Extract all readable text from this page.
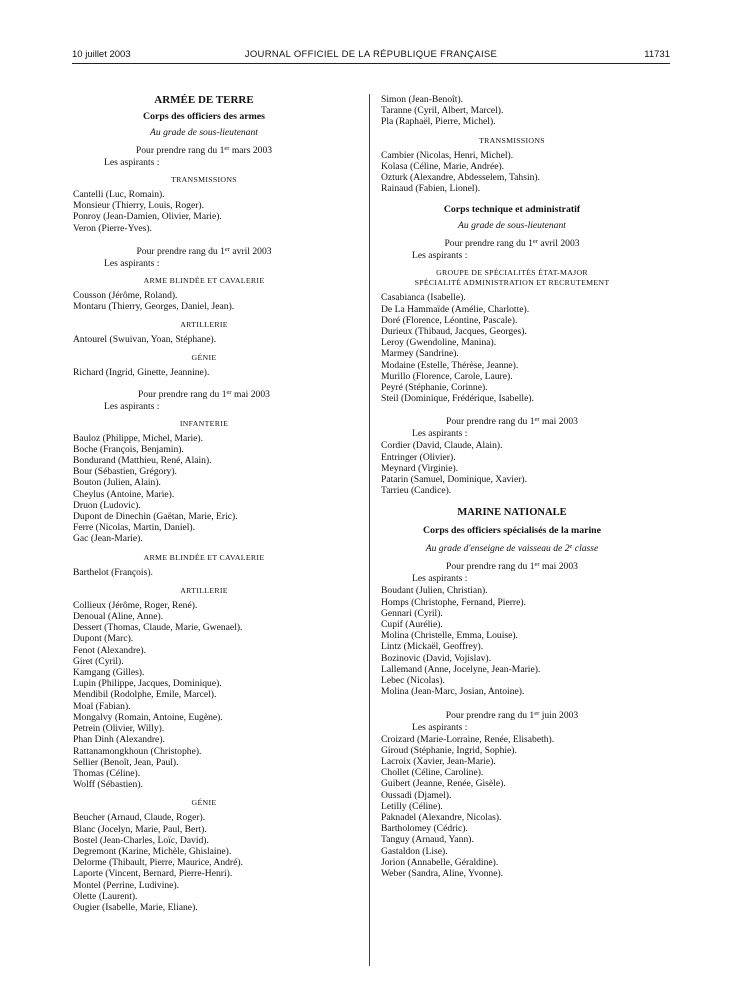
10 juillet 2003	JOURNAL OFFICIEL DE LA RÉPUBLIQUE FRANÇAISE	11731
ARMÉE DE TERRE
Corps des officiers des armes
Au grade de sous-lieutenant
Pour prendre rang du 1er mars 2003
Les aspirants :
TRANSMISSIONS
Cantelli (Luc, Romain).
Monsieur (Thierry, Louis, Roger).
Ponroy (Jean-Damien, Olivier, Marie).
Veron (Pierre-Yves).
Pour prendre rang du 1er avril 2003
Les aspirants :
ARME BLINDÉE ET CAVALERIE
Cousson (Jérôme, Roland).
Montaru (Thierry, Georges, Daniel, Jean).
ARTILLERIE
Antourel (Swuivan, Yoan, Stéphane).
GÉNIE
Richard (Ingrid, Ginette, Jeannine).
Pour prendre rang du 1er mai 2003
Les aspirants :
INFANTERIE
Bauloz (Philippe, Michel, Marie).
Boche (François, Benjamin).
Bondurand (Matthieu, René, Alain).
Bour (Sébastien, Grégory).
Bouton (Julien, Alain).
Cheylus (Antoine, Marie).
Druon (Ludovic).
Dupont de Dinechin (Gaëtan, Marie, Eric).
Ferre (Nicolas, Martin, Daniel).
Gac (Jean-Marie).
ARME BLINDÉE ET CAVALERIE
Barthelot (François).
ARTILLERIE
Collieux (Jérôme, Roger, René).
Denoual (Aline, Anne).
Dessert (Thomas, Claude, Marie, Gwenael).
Dupont (Marc).
Fenot (Alexandre).
Giret (Cyril).
Kamgang (Gilles).
Lupin (Philippe, Jacques, Dominique).
Mendibil (Rodolphe, Emile, Marcel).
Moal (Fabian).
Mongalvy (Romain, Antoine, Eugène).
Petrein (Olivier, Willy).
Phan Dinh (Alexandre).
Rattanamongkhoun (Christophe).
Sellier (Benoît, Jean, Paul).
Thomas (Céline).
Wolff (Sébastien).
GÉNIE
Beucher (Arnaud, Claude, Roger).
Blanc (Jocelyn, Marie, Paul, Bert).
Bostel (Jean-Charles, Loïc, David).
Degremont (Karine, Michèle, Ghislaine).
Delorme (Thibault, Pierre, Maurice, André).
Laporte (Vincent, Bernard, Pierre-Henri).
Montel (Perrine, Ludivine).
Olette (Laurent).
Ougier (Isabelle, Marie, Eliane).
Simon (Jean-Benoît).
Taranne (Cyril, Albert, Marcel).
Pla (Raphaël, Pierre, Michel).
TRANSMISSIONS
Cambier (Nicolas, Henri, Michel).
Kolasa (Céline, Marie, Andrée).
Ozturk (Alexandre, Abdesselem, Tahsin).
Rainaud (Fabien, Lionel).
Corps technique et administratif
Au grade de sous-lieutenant
Pour prendre rang du 1er avril 2003
Les aspirants :
GROUPE DE SPÉCIALITÉS ÉTAT-MAJOR
SPÉCIALITÉ ADMINISTRATION ET RECRUTEMENT
Casabianca (Isabelle).
De La Hammaïde (Amélie, Charlotte).
Doré (Florence, Léontine, Pascale).
Durieux (Thibaud, Jacques, Georges).
Leroy (Gwendoline, Manina).
Marmey (Sandrine).
Modaine (Estelle, Thérèse, Jeanne).
Murillo (Florence, Carole, Laure).
Peyré (Stéphanie, Corinne).
Steil (Dominique, Frédérique, Isabelle).
Pour prendre rang du 1er mai 2003
Les aspirants :
Cordier (David, Claude, Alain).
Entringer (Olivier).
Meynard (Virginie).
Patarin (Samuel, Dominique, Xavier).
Tarrieu (Candice).
MARINE NATIONALE
Corps des officiers spécialisés de la marine
Au grade d'enseigne de vaisseau de 2e classe
Pour prendre rang du 1er mai 2003
Les aspirants :
Boudant (Julien, Christian).
Homps (Christophe, Fernand, Pierre).
Gennari (Cyril).
Cupif (Aurélie).
Molina (Christelle, Emma, Louise).
Lintz (Mickaël, Geoffrey).
Bozinovic (David, Vojislav).
Lallemand (Anne, Jocelyne, Jean-Marie).
Lebec (Nicolas).
Molina (Jean-Marc, Josian, Antoine).
Pour prendre rang du 1er juin 2003
Les aspirants :
Croizard (Marie-Lorraine, Renée, Elisabeth).
Giroud (Stéphanie, Ingrid, Sophie).
Lacroix (Xavier, Jean-Marie).
Chollet (Céline, Caroline).
Guibert (Jeanne, Renée, Gisèle).
Oussadi (Djamel).
Letilly (Céline).
Paknadel (Alexandre, Nicolas).
Bartholomey (Cédric).
Tanguy (Arnaud, Yann).
Gastaldon (Lise).
Jorion (Annabelle, Géraldine).
Weber (Sandra, Aline, Yvonne).
